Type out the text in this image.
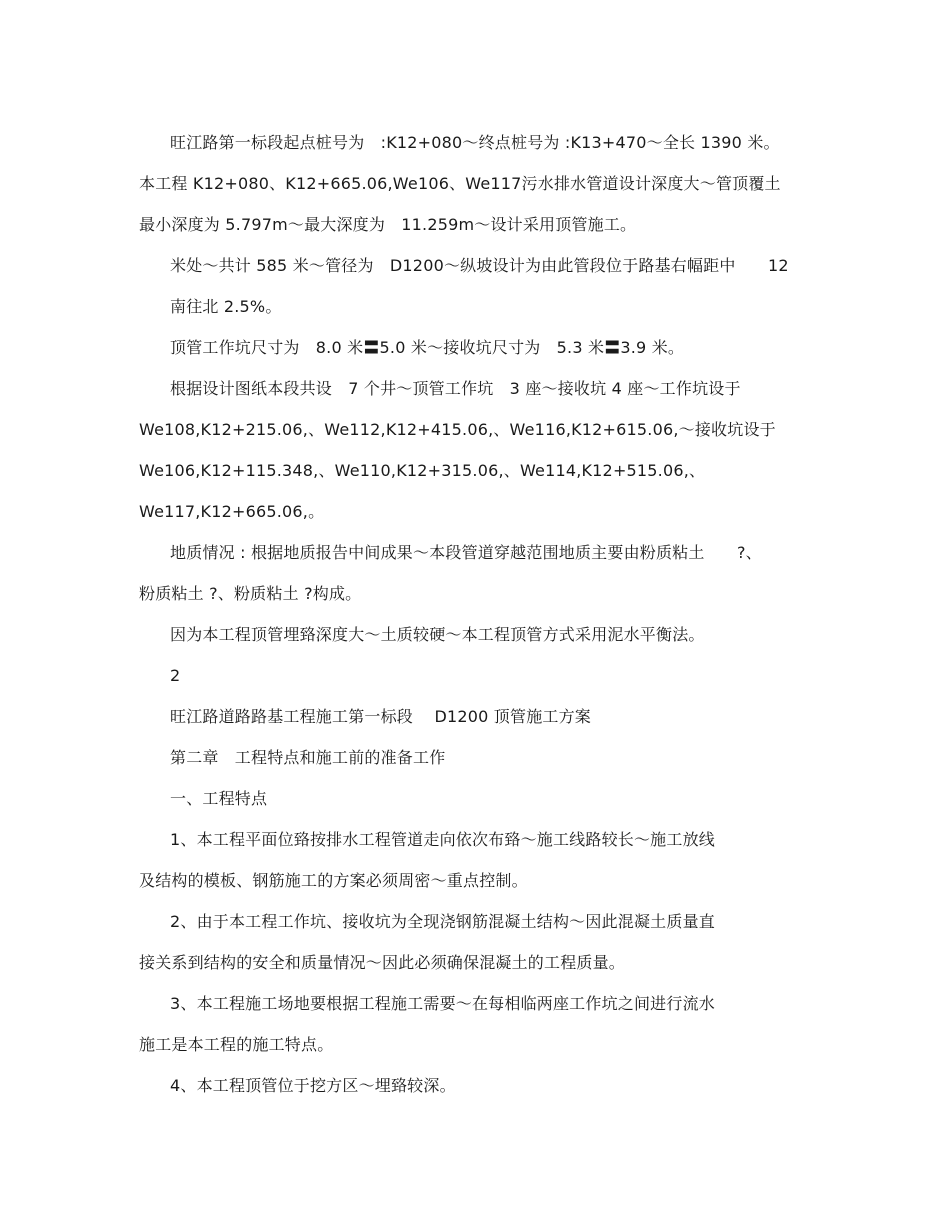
旺江路第一标段起点桩号为　:K12+080～终点桩号为 :K13+470～全长 1390 米。
本工程 K12+080、K12+665.06,We106、We117污水排水管道设计深度大～管顶覆土
最小深度为 5.797m～最大深度为　11.259m～设计采用顶管施工。
米处～共计 585 米～管径为　D1200～纵坡设计为由此管段位于路基右幅距中　　12
南往北 2.5%。
顶管工作坑尺寸为　8.0 米〓5.0 米～接收坑尺寸为　5.3 米〓3.9 米。
根据设计图纸本段共设　7 个井～顶管工作坑　3 座～接收坑 4 座～工作坑设于
We108,K12+215.06,、We112,K12+415.06,、We116,K12+615.06,～接收坑设于
We106,K12+115.348,、We110,K12+315.06,、We114,K12+515.06,、
We117,K12+665.06,。
地质情况 : 根据地质报告中间成果～本段管道穿越范围地质主要由粉质粘土　　?、
粉质粘土 ?、粉质粘土 ?构成。
因为本工程顶管埋臵深度大～土质较硬～本工程顶管方式采用泥水平衡法。
2
旺江路道路路基工程施工第一标段　 D1200 顶管施工方案
第二章　工程特点和施工前的准备工作
一、工程特点
1、本工程平面位臵按排水工程管道走向依次布臵～施工线路较长～施工放线
及结构的模板、钢筋施工的方案必须周密～重点控制。
2、由于本工程工作坑、接收坑为全现浇钢筋混凝土结构～因此混凝土质量直
接关系到结构的安全和质量情况～因此必须确保混凝土的工程质量。
3、本工程施工场地要根据工程施工需要～在每相临两座工作坑之间进行流水
施工是本工程的施工特点。
4、本工程顶管位于挖方区～埋臵较深。
